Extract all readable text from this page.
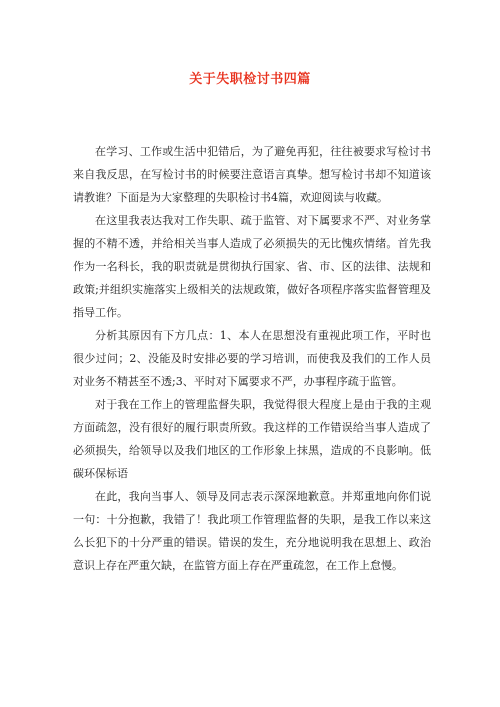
关于失职检讨书四篇

在学习、工作或生活中犯错后，为了避免再犯，往往被要求写检讨书来自我反思，在写检讨书的时候要注意语言真挚。想写检讨书却不知道该请教谁？下面是为大家整理的失职检讨书4篇，欢迎阅读与收藏。

在这里我表达我对工作失职、疏于监管、对下属要求不严、对业务掌握的不精不透，并给相关当事人造成了必须损失的无比愧疚情绪。首先我作为一名科长，我的职责就是贯彻执行国家、省、市、区的法律、法规和政策;并组织实施落实上级相关的法规政策，做好各项程序落实监督管理及指导工作。

分析其原因有下方几点：1、本人在思想没有重视此项工作，平时也很少过问；2、没能及时安排必要的学习培训，而使我及我们的工作人员对业务不精甚至不透;3、平时对下属要求不严，办事程序疏于监管。

对于我在工作上的管理监督失职，我觉得很大程度上是由于我的主观方面疏忽，没有很好的履行职责所致。我这样的工作错误给当事人造成了必须损失，给领导以及我们地区的工作形象上抹黑，造成的不良影响。低碳环保标语

在此，我向当事人、领导及同志表示深深地歉意。并郑重地向你们说一句：十分抱歉，我错了！我此项工作管理监督的失职，是我工作以来这么长犯下的十分严重的错误。错误的发生，充分地说明我在思想上、政治意识上存在严重欠缺，在监管方面上存在严重疏忽，在工作上怠慢。
